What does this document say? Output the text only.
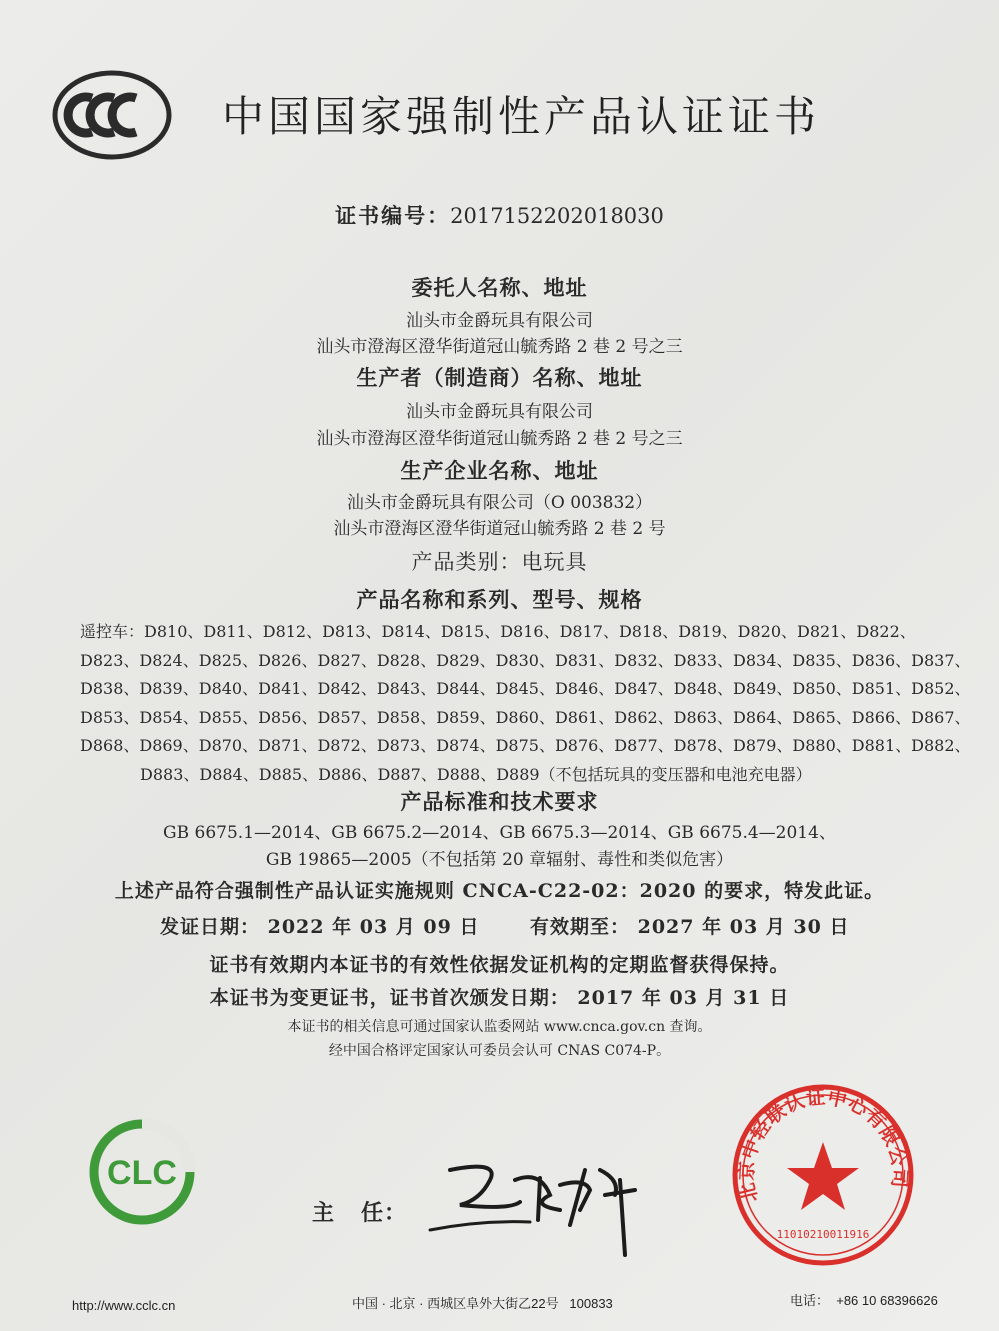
中国国家强制性产品认证证书
证书编号：2017152202018030
委托人名称、地址
汕头市金爵玩具有限公司
汕头市澄海区澄华街道冠山毓秀路 2 巷 2 号之三
生产者（制造商）名称、地址
汕头市金爵玩具有限公司
汕头市澄海区澄华街道冠山毓秀路 2 巷 2 号之三
生产企业名称、地址
汕头市金爵玩具有限公司（O 003832）
汕头市澄海区澄华街道冠山毓秀路 2 巷 2 号
产品类别：电玩具
产品名称和系列、型号、规格
遥控车：D810、D811、D812、D813、D814、D815、D816、D817、D818、D819、D820、D821、D822、
D823、D824、D825、D826、D827、D828、D829、D830、D831、D832、D833、D834、D835、D836、D837、
D838、D839、D840、D841、D842、D843、D844、D845、D846、D847、D848、D849、D850、D851、D852、
D853、D854、D855、D856、D857、D858、D859、D860、D861、D862、D863、D864、D865、D866、D867、
D868、D869、D870、D871、D872、D873、D874、D875、D876、D877、D878、D879、D880、D881、D882、
D883、D884、D885、D886、D887、D888、D889（不包括玩具的变压器和电池充电器）
产品标准和技术要求
GB 6675.1—2014、GB 6675.2—2014、GB 6675.3—2014、GB 6675.4—2014、
GB 19865—2005（不包括第 20 章辐射、毒性和类似危害）
上述产品符合强制性产品认证实施规则 CNCA-C22-02：2020 的要求，特发此证。
发证日期： 2022 年 03 月 09 日	有效期至： 2027 年 03 月 30 日
证书有效期内本证书的有效性依据发证机构的定期监督获得保持。
本证书为变更证书，证书首次颁发日期： 2017 年 03 月 31 日
本证书的相关信息可通过国家认监委网站 www.cnca.gov.cn 查询。
经中国合格评定国家认可委员会认可 CNAS C074-P。
CLC
主   任：
北京中轻联认证中心有限公司
11010210011916
http://www.cclc.cn	中国 · 北京 · 西城区阜外大街乙22号   100833	电话：  +86 10 68396626
